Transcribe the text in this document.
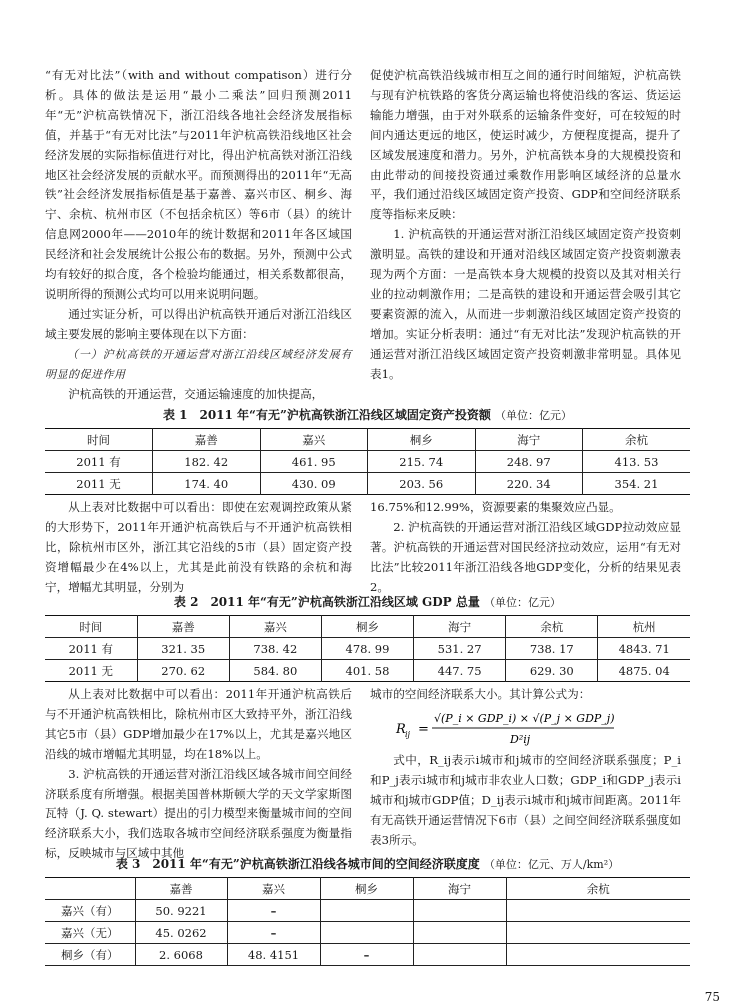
“有无对比法”（with and without compatison）进行分析。具体的做法是运用“最小二乘法”回归预测2011年“无”沪杭高铁情况下，浙江沿线各地社会经济发展指标值，并基于“有无对比法”与2011年沪杭高铁沿线地区社会经济发展的实际指标值进行对比，得出沪杭高铁对浙江沿线地区社会经济发展的贡献水平。而预测得出的2011年“无高铁”社会经济发展指标值是基于嘉善、嘉兴市区、桐乡、海宁、余杭、杭州市区（不包括余杭区）等6市（县）的统计信息网2000年——2010年的统计数据和2011年各区域国民经济和社会发展统计公报公布的数据。另外，预测中公式均有较好的拟合度，各个检验均能通过，相关系数都很高，说明所得的预测公式均可以用来说明问题。

通过实证分析，可以得出沪杭高铁开通后对浙江沿线区域主要发展的影响主要体现在以下方面：

（一）沪杭高铁的开通运营对浙江沿线区域经济发展有明显的促进作用

沪杭高铁的开通运营，交通运输速度的加快提高，

促使沪杭高铁沿线城市相互之间的通行时间缩短，沪杭高铁与现有沪杭铁路的客货分离运输也将使沿线的客运、货运运输能力增强，由于对外联系的运输条件变好，可在较短的时间内通达更远的地区，使运时减少，方便程度提高，提升了区域发展速度和潜力。另外，沪杭高铁本身的大规模投资和由此带动的间接投资通过乘数作用影响区域经济的总量水平，我们通过沿线区域固定资产投资、GDP和空间经济联系度等指标来反映：

1. 沪杭高铁的开通运营对浙江沿线区域固定资产投资刺激明显。高铁的建设和开通对沿线区域固定资产投资刺激表现为两个方面：一是高铁本身大规模的投资以及其对相关行业的拉动刺激作用；二是高铁的建设和开通运营会吸引其它要素资源的流入，从而进一步刺激沿线区域固定资产投资的增加。实证分析表明：通过“有无对比法”发现沪杭高铁的开通运营对浙江沿线区域固定资产投资刺激非常明显。具体见表1。

表 1　2011 年“有无”沪杭高铁浙江沿线区域固定资产投资额 （单位：亿元）
时间	嘉善	嘉兴	桐乡	海宁	余杭
2011 有	182. 42	461. 95	215. 74	248. 97	413. 53
2011 无	174. 40	430. 09	203. 56	220. 34	354. 21

从上表对比数据中可以看出：即使在宏观调控政策从紧的大形势下，2011年开通沪杭高铁后与不开通沪杭高铁相比，除杭州市区外，浙江其它沿线的5市（县）固定资产投资增幅最少在4%以上，尤其是此前没有铁路的余杭和海宁，增幅尤其明显，分别为

16.75%和12.99%，资源要素的集聚效应凸显。

2. 沪杭高铁的开通运营对浙江沿线区域GDP拉动效应显著。沪杭高铁的开通运营对国民经济拉动效应，运用“有无对比法”比较2011年浙江沿线各地GDP变化，分析的结果见表2。

表 2　2011 年“有无”沪杭高铁浙江沿线区域 GDP 总量 （单位：亿元）
时间	嘉善	嘉兴	桐乡	海宁	余杭	杭州
2011 有	321. 35	738. 42	478. 99	531. 27	738. 17	4843. 71
2011 无	270. 62	584. 80	401. 58	447. 75	629. 30	4875. 04

从上表对比数据中可以看出：2011年开通沪杭高铁后与不开通沪杭高铁相比，除杭州市区大致持平外，浙江沿线其它5市（县）GDP增加最少在17%以上，尤其是嘉兴地区沿线的城市增幅尤其明显，均在18%以上。

3. 沪杭高铁的开通运营对浙江沿线区域各城市间空间经济联系度有所增强。根据美国普林斯顿大学的天文学家斯图瓦特（J. Q. stewart）提出的引力模型来衡量城市间的空间经济联系大小，我们选取各城市空间经济联系强度为衡量指标，反映城市与区域中其他

城市的空间经济联系大小。其计算公式为：

式中，R_ij表示i城市和j城市的空间经济联系强度；P_i和P_j表示i城市和j城市非农业人口数；GDP_i和GDP_j表示i城市和j城市GDP值；D_ij表示i城市和j城市间距离。2011年有无高铁开通运营情况下6市（县）之间空间经济联系强度如表3所示。

R ij =
√(P_i × GDP_i) × √(P_j × GDP_j)
D²ij
表 3　2011 年“有无”沪杭高铁浙江沿线各城市间的空间经济联度度 （单位：亿元、万人/km²）
	嘉善	嘉兴	桐乡	海宁	余杭
嘉兴（有）	50. 9221	–			
嘉兴（无）	45. 0262	–			
桐乡（有）	2. 6068	48. 4151	–		
75
